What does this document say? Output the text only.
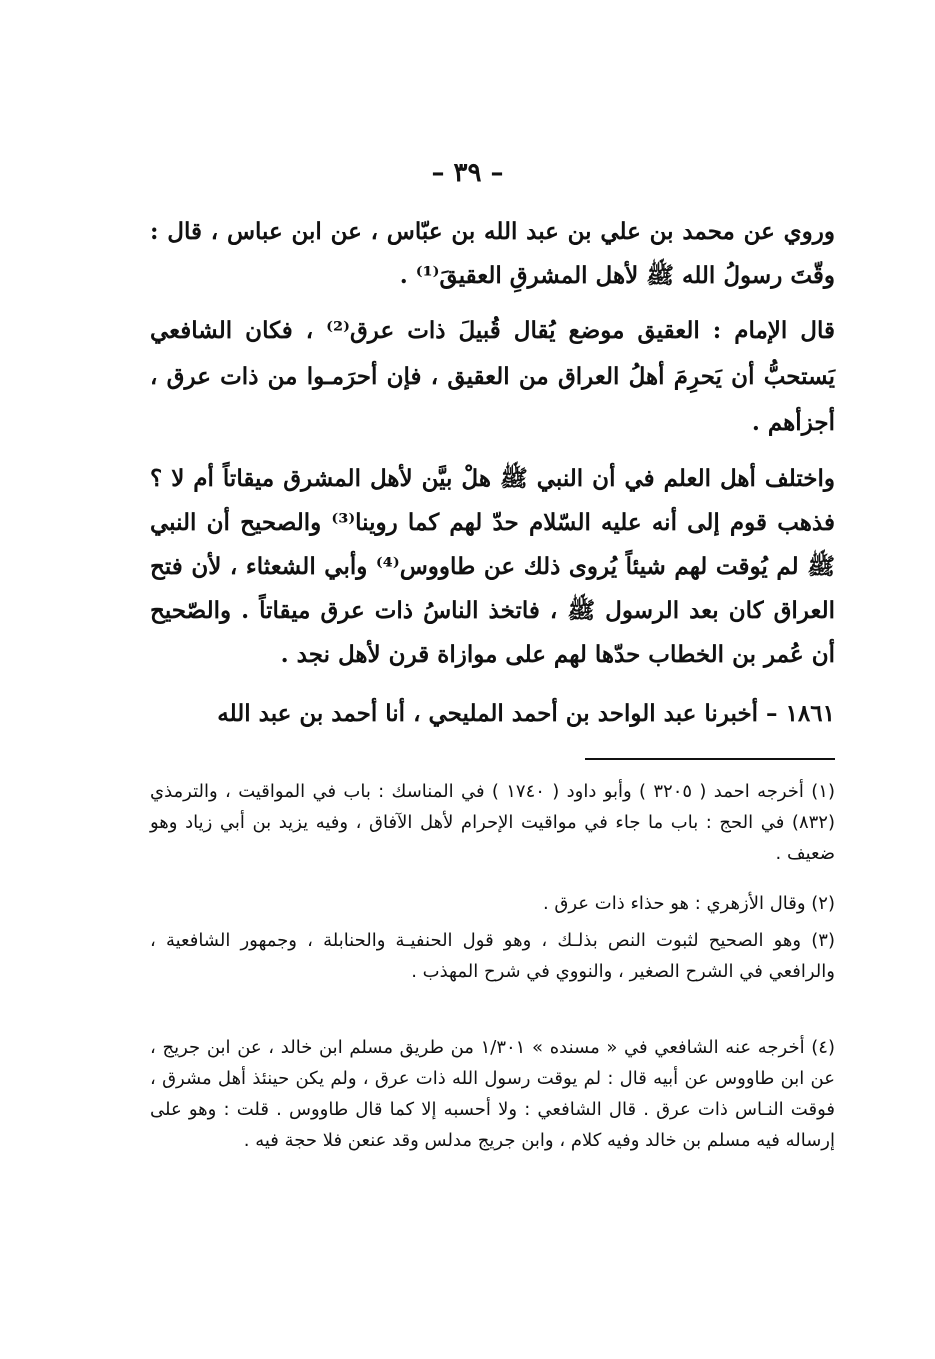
– ٣٩ –

وروي عن محمد بن علي بن عبد الله بن عبّاس ، عن ابن عباس ، قال : وقّتَ رسولُ الله ﷺ لأهل المشرقِ العقيقَ⁽¹⁾ .

قال الإمام : العقيق موضع يُقال قُبيلَ ذات عرق⁽²⁾ ، فكان الشافعي يَستحبُّ أن يَحرِمَ أهلُ العراق من العقيق ، فإن أحرَمـوا من ذات عرق ، أجزأهم .

واختلف أهل العلم في أن النبي ﷺ هلْ بيَّن لأهل المشرق ميقاتاً أم لا ؟ فذهب قوم إلى أنه عليه السّلام حدّ لهم كما روينا⁽³⁾ والصحيح أن النبي ﷺ لم يُوقت لهم شيئاً يُروى ذلك عن طاووس⁽⁴⁾ وأبي الشعثاء ، لأن فتح العراق كان بعد الرسول ﷺ ، فاتخذ الناسُ ذات عرق ميقاتاً . والصّحيح أن عُمر بن الخطاب حدّها لهم على موازاة قرن لأهل نجد .

١٨٦١ – أخبرنا عبد الواحد بن أحمد المليحي ، أنا أحمد بن عبد الله

(١) أخرجه احمد ( ٣٢٠٥ ) وأبو داود ( ١٧٤٠ ) في المناسك : باب في المواقيت ، والترمذي (٨٣٢) في الحج : باب ما جاء في مواقيت الإحرام لأهل الآفاق ، وفيه يزيد بن أبي زياد وهو ضعيف .

(٢) وقال الأزهري : هو حذاء ذات عرق .

(٣) وهو الصحيح لثبوت النص بذلـك ، وهو قول الحنفيـة والحنابلة ، وجمهور الشافعية ، والرافعي في الشرح الصغير ، والنووي في شرح المهذب .

(٤) أخرجه عنه الشافعي في « مسنده » ١/٣٠١ من طريق مسلم ابن خالد ، عن ابن جريج ، عن ابن طاووس عن أبيه قال : لم يوقت رسول الله ذات عرق ، ولم يكن حينئذ أهل مشرق ، فوقت النـاس ذات عرق . قال الشافعي : ولا أحسبه إلا كما قال طاووس . قلت : وهو على إرساله فيه مسلم بن خالد وفيه كلام ، وابن جريج مدلس وقد عنعن فلا حجة فيه .
